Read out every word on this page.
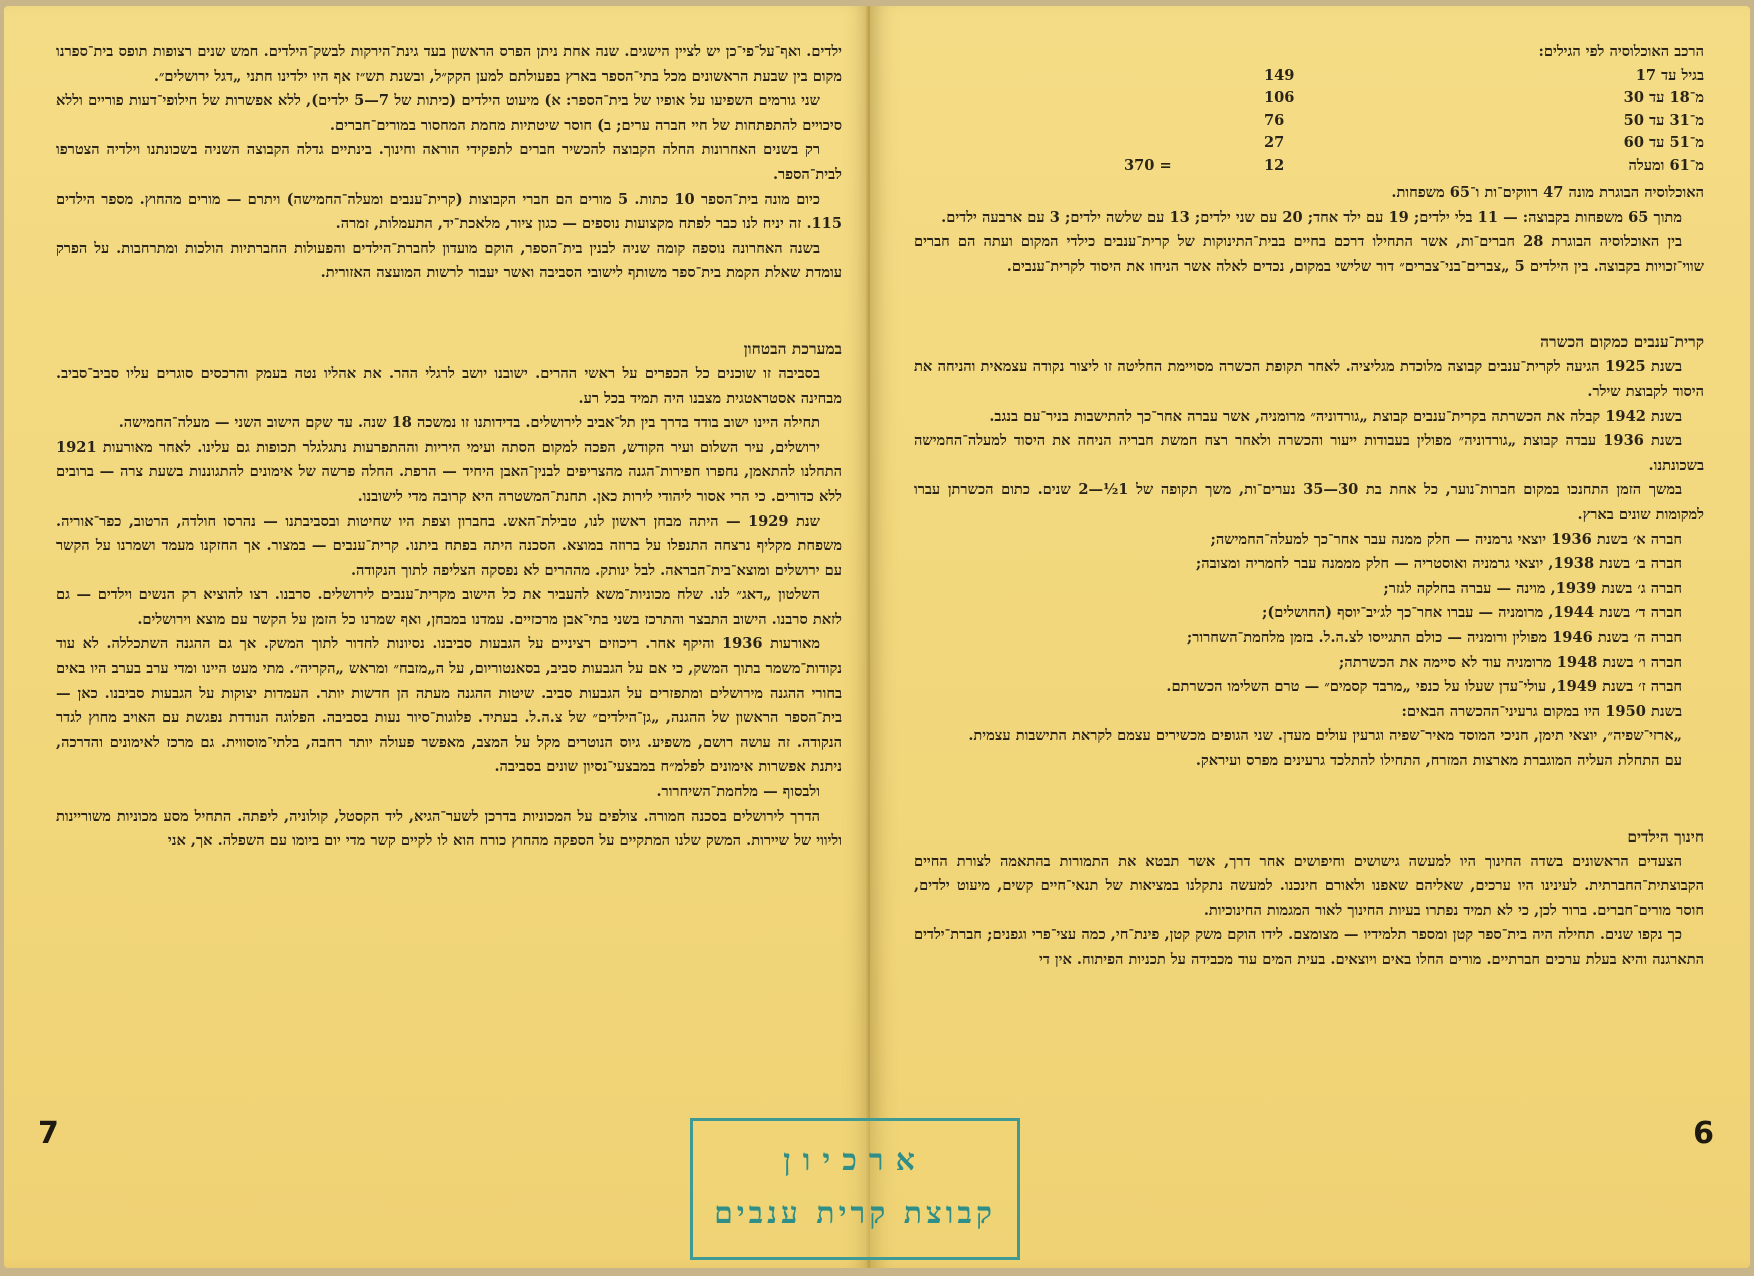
ילדים. ואף־על־פי־כן יש לציין הישגים. שנה אחת ניתן הפרס הראשון בעד גינת־הירקות לבשק־הילדים. חמש שנים רצופות תופס בית־ספרנו מקום בין שבעת הראשונים מכל בתי־הספר בארץ בפעולתם למען הקק״ל, ובשנת תש״ז אף היו ילדינו חתני „דגל ירושלים״.

שני גורמים השפיעו על אופיו של בית־הספר: א) מיעוט הילדים (כיתות של 7—5 ילדים), ללא אפשרות של חילופי־דעות פוריים וללא סיכויים להתפתחות של חיי חברה ערים; ב) חוסר שיטתיות מחמת המחסור במורים־חברים.

רק בשנים האחרונות החלה הקבוצה להכשיר חברים לתפקידי הוראה וחינוך. בינתיים גדלה הקבוצה השניה בשכונתנו וילדיה הצטרפו לבית־הספר.

כיום מונה בית־הספר 10 כתות. 5 מורים הם חברי הקבוצות (קרית־ענבים ומעלה־החמישה) ויתרם — מורים מהחוץ. מספר הילדים 115. זה יניח לנו כבר לפתח מקצועות נוספים — כגון ציור, מלאכת־יד, התעמלות, זמרה.

בשנה האחרונה נוספה קומה שניה לבנין בית־הספר, הוקם מועדון לחברת־הילדים והפעולות החברתיות הולכות ומתרחבות. על הפרק עומדת שאלת הקמת בית־ספר משותף לישובי הסביבה ואשר יעבור לרשות המועצה האזורית.

במערכת הבטחון

בסביבה זו שוכנים כל הכפרים על ראשי ההרים. ישובנו יושב לרגלי ההר. את אהליו נטה בעמק והרכסים סוגרים עליו סביב־סביב. מבחינה אסטראטגית מצבנו היה תמיד בכל רע.

תחילה היינו ישוב בודד בדרך בין תל־אביב לירושלים. בדידותנו זו נמשכה 18 שנה. עד שקם הישוב השני — מעלה־החמישה.

ירושלים, עיר השלום ועיר הקודש, הפכה למקום הסתה ועימי היריות וההתפרעות נתגלגלר תכופות גם עלינו. לאחר מאורעות 1921 התחלנו להתאמן, נחפרו חפירות־הגנה מהצריפים לבנין־האבן היחיד — הרפת. החלה פרשה של אימונים להתגוננות בשעת צרה — ברובים ללא כדורים. כי הרי אסור ליהודי לירות כאן. תחנת־המשטרה היא קרובה מדי לישובנו.

שנת 1929 — היתה מבחן ראשון לנו, טבילת־האש. בחברון וצפת היו שחיטות ובסביבתנו — נהרסו חולדה, הרטוב, כפר־אוריה. משפחת מקליף נרצחה התנפלו על ברוזה במוצא. הסכנה היתה בפתח ביתנו. קרית־ענבים — במצור. אך החזקנו מעמד ושמרנו על הקשר עם ירושלים ומוצא־בית־הבראה. לבל ינותק. מההרים לא נפסקה הצליפה לתוך הנקודה.

השלטון „דאג״ לנו. שלח מכוניות־משא להעביר את כל הישוב מקרית־ענבים לירושלים. סרבנו. רצו להוציא רק הנשים וילדים — גם לזאת סרבנו. הישוב התבצר והתרכז בשני בתי־אבן מרכזיים. עמדנו במבחן, ואף שמרנו כל הזמן על הקשר עם מוצא וירושלים.

מאורעות 1936 והיקף אחר. ריכוזים רציניים על הגבעות סביבנו. נסיונות לחדור לתוך המשק. אך גם ההגנה השתכללה. לא עוד נקודות־משמר בתוך המשק, כי אם על הגבעות סביב, בסאנטוריום, על ה„מזבח״ ומראש „הקריה״. מתי מעט היינו ומדי ערב בערב היו באים בחורי ההגנה מירושלים ומתפזרים על הגבעות סביב. שיטות ההגנה מעתה הן חדשות יותר. העמדות יצוקות על הגבעות סביבנו. כאן — בית־הספר הראשון של ההגנה, „גן־הילדים״ של צ.ה.ל. בעתיד. פלוגות־סיור נעות בסביבה. הפלוגה הנודדת נפגשת עם האויב מחוץ לגדר הנקודה. זה עושה רושם, משפיע. גיוס הנוטרים מקל על המצב, מאפשר פעולה יותר רחבה, בלתי־מוסווית. גם מרכז לאימונים והדרכה, ניתנת אפשרות אימונים לפלמ״ח במבצעי־נסיון שונים בסביבה.

ולבסוף — מלחמת־השיחרור.

הדרך לירושלים בסכנה חמורה. צולפים על המכוניות בדרכן לשער־הגיא, ליד הקסטל, קולוניה, ליפתה. התחיל מסע מכוניות משוריינות וליווי של שיירות. המשק שלנו המתקיים על הספקה מהחוץ כורח הוא לו לקיים קשר מדי יום ביומו עם השפלה. אך, אני

7

הרכב האוכלוסיה לפי הגילים:

בגיל עד 17
149
מ־18 עד 30
106
מ־31 עד 50
76
מ־51 עד 60
27
מ־61 ומעלה
12
370 =

האוכלוסיה הבוגרת מונה 47 רווקים־ות ו־65 משפחות.

מתוך 65 משפחות בקבוצה: — 11 בלי ילדים; 19 עם ילד אחד; 20 עם שני ילדים; 13 עם שלשה ילדים; 3 עם ארבעה ילדים.

בין האוכלוסיה הבוגרת 28 חברים־ות, אשר התחילו דרכם בחיים בבית־התינוקות של קרית־ענבים כילדי המקום ועתה הם חברים שווי־זכויות בקבוצה. בין הילדים 5 „צברים־בני־צברים״ דור שלישי במקום, נכדים לאלה אשר הניחו את היסוד לקרית־ענבים.

קרית־ענבים כמקום הכשרה

בשנת 1925 הגיעה לקרית־ענבים קבוצה מלוכדת מגליציה. לאחר תקופת הכשרה מסויימת החליטה זו ליצור נקודה עצמאית והניחה את היסוד לקבוצת שילר.

בשנת 1942 קבלה את הכשרתה בקרית־ענבים קבוצת „גורדוניה״ מרומניה, אשר עברה אחר־כך להתישבות בניר־עם בנגב.

בשנת 1936 עבדה קבוצת „גורדוניה״ מפולין בעבודות ייעור והכשרה ולאחר רצח חמשת חבריה הניחה את היסוד למעלה־החמישה בשכונתנו.

במשך הזמן התחנכו במקום חברות־נוער, כל אחת בת 30—35 נערים־ות, משך תקופה של 1½—2 שנים. כתום הכשרתן עברו למקומות שונים בארץ.

חברה א׳ בשנת 1936 יוצאי גרמניה — חלק ממנה עבר אחר־כך למעלה־החמישה;

חברה ב׳ בשנת 1938, יוצאי גרמניה ואוסטריה — חלק מממנה עבר לחמריה ומצובה;

חברה ג׳ בשנת 1939, מוינה — עברה בחלקה לגזר;

חברה ד׳ בשנת 1944, מרומניה — עברו אחר־כך לג׳יב־יוסף (החושלים);

חברה ה׳ בשנת 1946 מפולין ורומניה — כולם התגייסו לצ.ה.ל. בזמן מלחמת־השחרור;

חברה ו׳ בשנת 1948 מרומניה עוד לא סיימה את הכשרתה;

חברה ז׳ בשנת 1949, עולי־עדן שעלו על כנפי „מרבד קסמים״ — טרם השלימו הכשרתם.

בשנת 1950 היו במקום גרעיני־ההכשרה הבאים:

„ארזי־שפיה״, יוצאי תימן, חניכי המוסד מאיר־שפיה וגרעין עולים מעדן. שני הגופים מכשירים עצמם לקראת התישבות עצמית.

עם התחלת העליה המוגברת מארצות המזרח, התחילו להתלכד גרעינים מפרס ועיראק.

חינוך הילדים

הצעדים הראשונים בשדה החינוך היו למעשה גישושים וחיפושים אחר דרך, אשר תבטא את התמורות בהתאמה לצורת החיים הקבוצתית־החברתית. לעינינו היו ערכים, שאליהם שאפנו ולאורם חינכנו. למעשה נתקלנו במציאות של תנאי־חיים קשים, מיעוט ילדים, חוסר מורים־חברים. ברור לכן, כי לא תמיד נפתרו בעיות החינוך לאור המגמות החינוכיות.

כך נקפו שנים. תחילה היה בית־ספר קטן ומספר תלמידיו — מצומצם. לידו הוקם משק קטן, פינת־חי, כמה עצי־פרי וגפנים; חברת־ילדים התארגנה והיא בעלת ערכים חברתיים. מורים החלו באים ויוצאים. בעית המים עוד מכבידה על תכניות הפיתוח. אין די

6
ארכיון
קבוצת קרית ענבים
